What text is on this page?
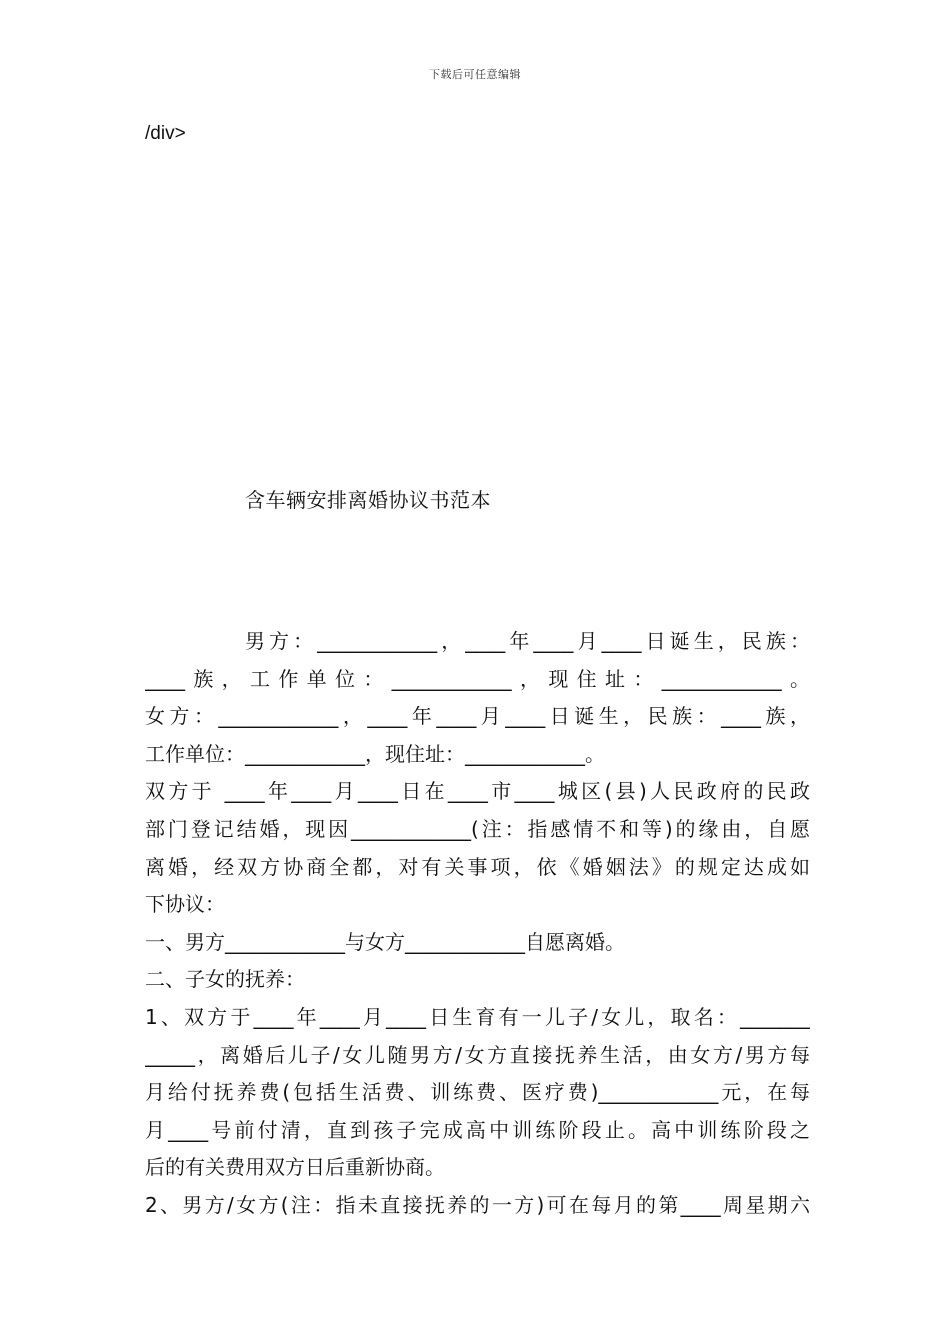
下载后可任意编辑
/div>
含车辆安排离婚协议书范本
男方：____________，____年____月____日诞生，民族：
____族，工作单位：____________，现住址：____________。
女方：____________，____年____月____日诞生，民族：____族，
工作单位：____________，现住址：____________。
双方于 ____年____月____日在____市____城区(县)人民政府的民政
部门登记结婚，现因____________(注：指感情不和等)的缘由，自愿
离婚，经双方协商全都，对有关事项，依《婚姻法》的规定达成如
下协议：
一、男方____________与女方____________自愿离婚。
二、子女的抚养：
1、双方于____年____月____日生育有一儿子/女儿，取名：_______
_____，离婚后儿子/女儿随男方/女方直接抚养生活，由女方/男方每
月给付抚养费(包括生活费、训练费、医疗费)____________元，在每
月____号前付清，直到孩子完成高中训练阶段止。高中训练阶段之
后的有关费用双方日后重新协商。
2、男方/女方(注：指未直接抚养的一方)可在每月的第____周星期六
